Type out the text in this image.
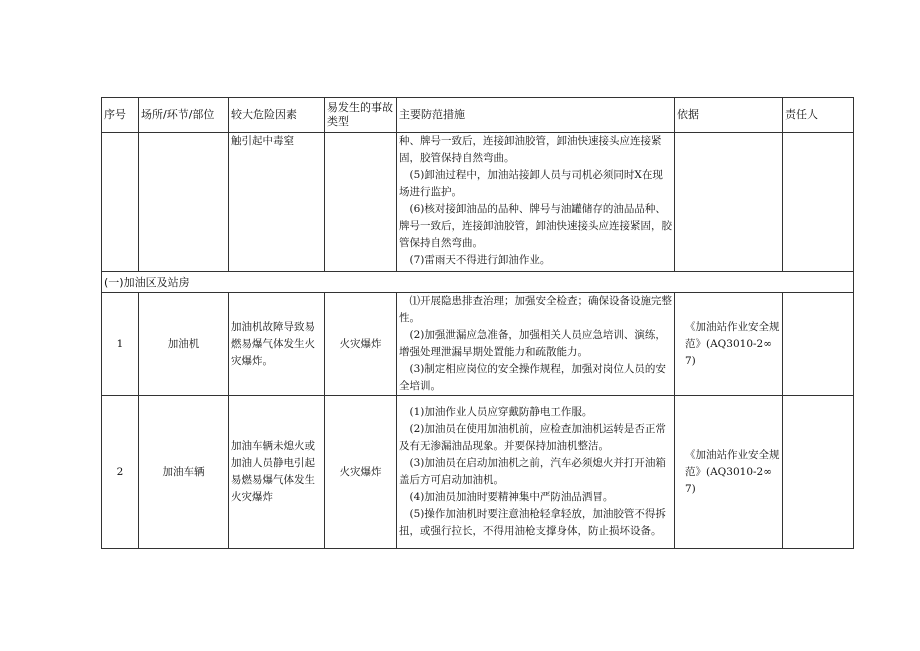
序号	场所/环节/部位	较大危险因素	易发生的事故类型	主要防范措施	依据	责任人
		触引起中毒窒		种、牌号一致后，连接卸油胶管，卸油快速接头应连接紧固，胶管保持自然弯曲。

(5)卸油过程中，加油站接卸人员与司机必须同时X在现场进行监护。

(6)核对接卸油品的品种、牌号与油罐储存的油品品种、牌号一致后，连接卸油胶管，卸油快速接头应连接紧固，胶管保持自然弯曲。

(7)雷雨天不得进行卸油作业。		

(一)加油区及站房						
1	加油机	加油机故障导致易燃易爆气体发生火灾爆炸。	火灾爆炸	⑴开展隐患排查治理；加强安全检查；确保设备设施完整性。

(2)加强泄漏应急准备，加强相关人员应急培训、演练，增强处理泄漏早期处置能力和疏散能力。

(3)制定相应岗位的安全操作规程，加强对岗位人员的安全培训。	《加油站作业安全规范》(AQ3010-2∞7)	
2	加油车辆	加油车辆未熄火或加油人员静电引起易燃易爆气体发生火灾爆炸	火灾爆炸	(1)加油作业人员应穿戴防静电工作服。

(2)加油员在使用加油机前，应检查加油机运转是否正常及有无渗漏油品现象。并要保持加油机整洁。

(3)加油员在启动加油机之前，汽车必须熄火并打开油箱盖后方可启动加油机。

(4)加油员加油时要精神集中严防油品洒冒。

(5)操作加油机时要注意油枪轻拿轻放，加油胶管不得拆扭，或强行拉长，不得用油枪支撑身体，防止损坏设备。	《加油站作业安全规范》(AQ3010-2∞7)	
